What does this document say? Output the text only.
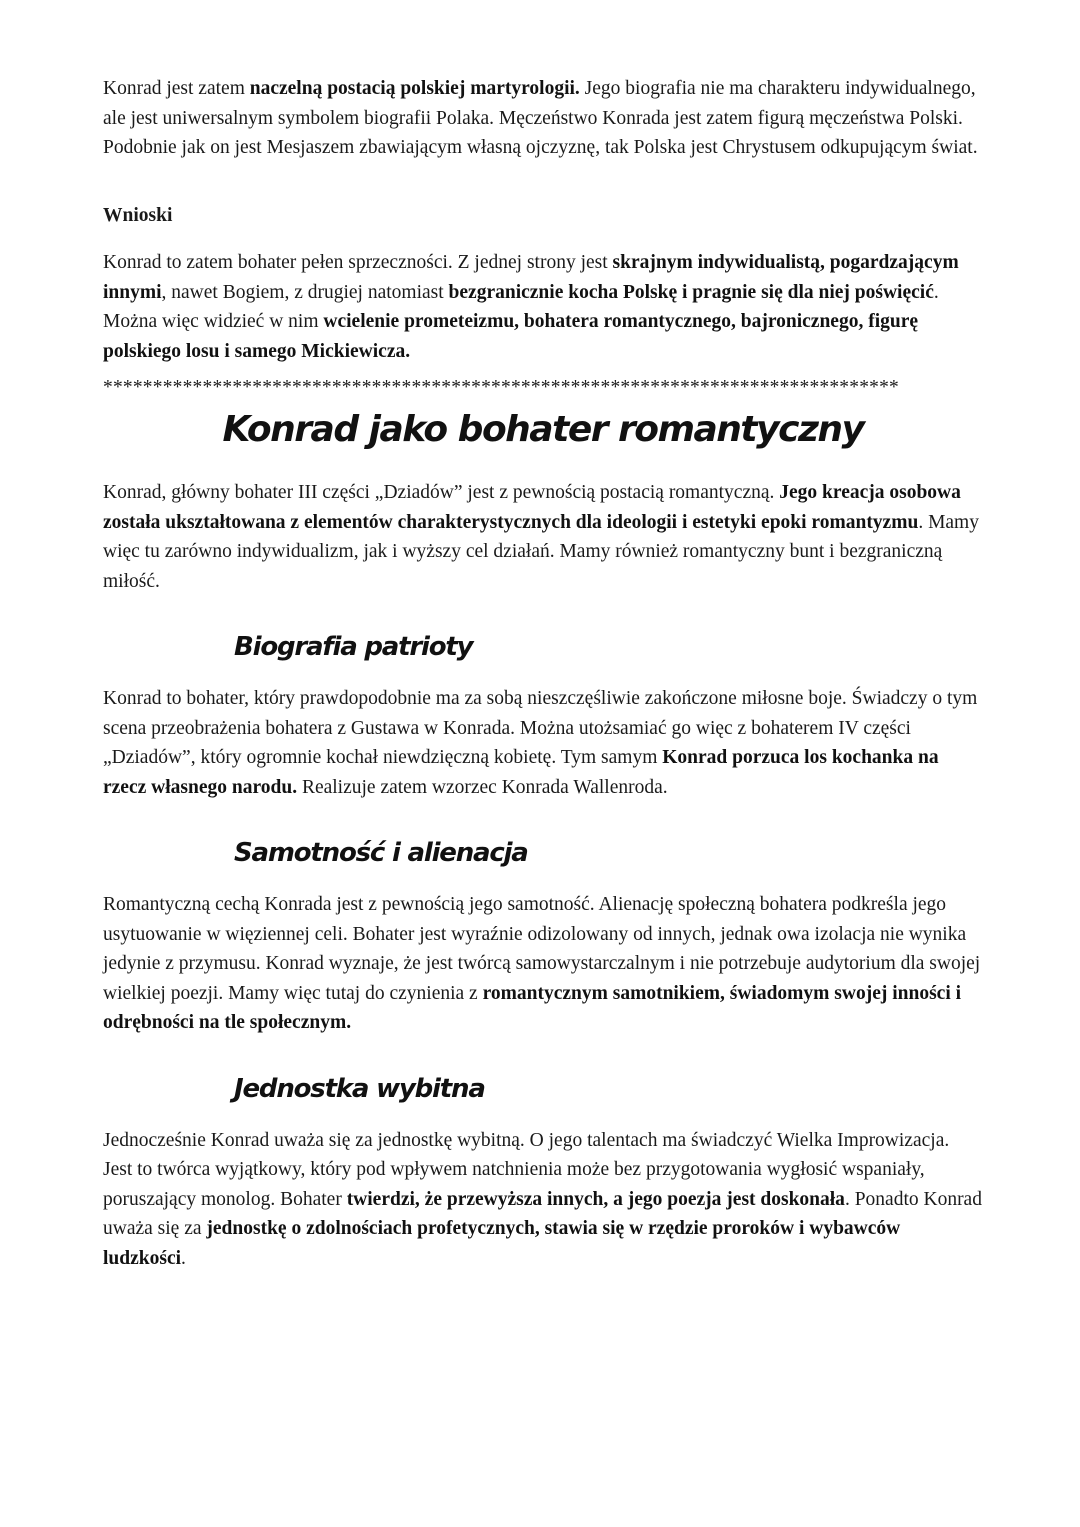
Konrad jest zatem naczelną postacią polskiej martyrologii. Jego biografia nie ma charakteru indywidualnego, ale jest uniwersalnym symbolem biografii Polaka. Męczeństwo Konrada jest zatem figurą męczeństwa Polski. Podobnie jak on jest Mesjaszem zbawiającym własną ojczyznę, tak Polska jest Chrystusem odkupującym świat.

Wnioski

Konrad to zatem bohater pełen sprzeczności. Z jednej strony jest skrajnym indywidualistą, pogardzającym innymi, nawet Bogiem, z drugiej natomiast bezgranicznie kocha Polskę i pragnie się dla niej poświęcić. Można więc widzieć w nim wcielenie prometeizmu, bohatera romantycznego, bajronicznego, figurę polskiego losu i samego Mickiewicza.

********************************************************************************

Konrad jako bohater romantyczny

Konrad, główny bohater III części „Dziadów” jest z pewnością postacią romantyczną. Jego kreacja osobowa została ukształtowana z elementów charakterystycznych dla ideologii i estetyki epoki romantyzmu. Mamy więc tu zarówno indywidualizm, jak i wyższy cel działań. Mamy również romantyczny bunt i bezgraniczną miłość.

Biografia patrioty

Konrad to bohater, który prawdopodobnie ma za sobą nieszczęśliwie zakończone miłosne boje. Świadczy o tym scena przeobrażenia bohatera z Gustawa w Konrada. Można utożsamiać go więc z bohaterem IV części „Dziadów”, który ogromnie kochał niewdzięczną kobietę. Tym samym Konrad porzuca los kochanka na rzecz własnego narodu. Realizuje zatem wzorzec Konrada Wallenroda.

Samotność i alienacja

Romantyczną cechą Konrada jest z pewnością jego samotność. Alienację społeczną bohatera podkreśla jego usytuowanie w więziennej celi. Bohater jest wyraźnie odizolowany od innych, jednak owa izolacja nie wynika jedynie z przymusu. Konrad wyznaje, że jest twórcą samowystarczalnym i nie potrzebuje audytorium dla swojej wielkiej poezji. Mamy więc tutaj do czynienia z romantycznym samotnikiem, świadomym swojej inności i odrębności na tle społecznym.

Jednostka wybitna

Jednocześnie Konrad uważa się za jednostkę wybitną. O jego talentach ma świadczyć Wielka Improwizacja. Jest to twórca wyjątkowy, który pod wpływem natchnienia może bez przygotowania wygłosić wspaniały, poruszający monolog. Bohater twierdzi, że przewyższa innych, a jego poezja jest doskonała. Ponadto Konrad uważa się za jednostkę o zdolnościach profetycznych, stawia się w rzędzie proroków i wybawców ludzkości.
